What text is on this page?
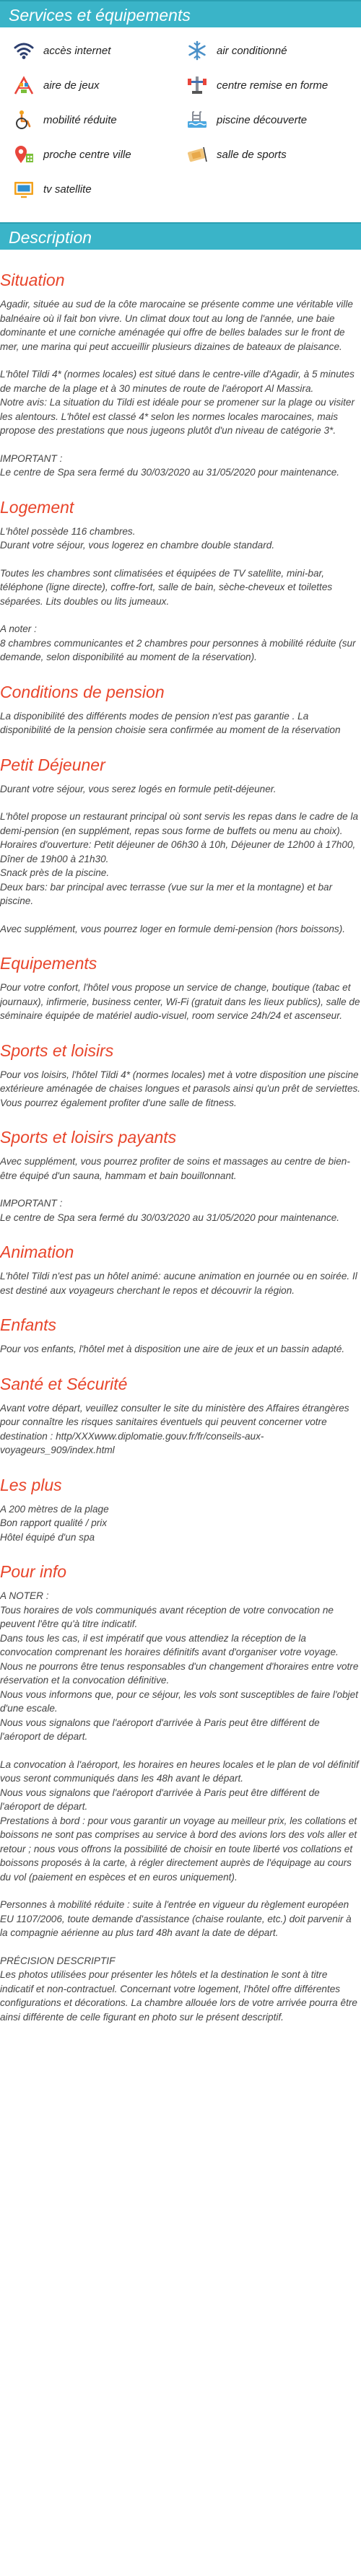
Services et équipements
accès internet	air conditionné
aire de jeux	centre remise en forme
mobilité réduite	piscine découverte
proche centre ville	salle de sports
tv satellite
Description
Situation

Agadir, située au sud de la côte marocaine se présente comme une véritable ville balnéaire où il fait bon vivre. Un climat doux tout au long de l'année, une baie dominante et une corniche aménagée qui offre de belles balades sur le front de mer, une marina qui peut accueillir plusieurs dizaines de bateaux de plaisance.

L'hôtel Tildi 4* (normes locales) est situé dans le centre-ville d'Agadir, à 5 minutes de marche de la plage et à 30 minutes de route de l'aéroport Al Massira.
Notre avis: La situation du Tildi est idéale pour se promener sur la plage ou visiter les alentours. L'hôtel est classé 4* selon les normes locales marocaines, mais propose des prestations que nous jugeons plutôt d'un niveau de catégorie 3*.

IMPORTANT :
Le centre de Spa sera fermé du 30/03/2020 au 31/05/2020 pour maintenance.

Logement

L'hôtel possède 116 chambres.
Durant votre séjour, vous logerez en chambre double standard.

Toutes les chambres sont climatisées et équipées de TV satellite, mini-bar, téléphone (ligne directe), coffre-fort, salle de bain, sèche-cheveux et toilettes séparées. Lits doubles ou lits jumeaux.

A noter :
8 chambres communicantes et 2 chambres pour personnes à mobilité réduite (sur demande, selon disponibilité au moment de la réservation).

Conditions de pension

La disponibilité des différents modes de pension n'est pas garantie . La disponibilité de la pension choisie sera confirmée au moment de la réservation

Petit Déjeuner

Durant votre séjour, vous serez logés en formule petit-déjeuner.

L'hôtel propose un restaurant principal où sont servis les repas dans le cadre de la demi-pension (en supplément, repas sous forme de buffets ou menu au choix).
Horaires d'ouverture: Petit déjeuner de 06h30 à 10h, Déjeuner de 12h00 à 17h00, Dîner de 19h00 à 21h30.
Snack près de la piscine.
Deux bars: bar principal avec terrasse (vue sur la mer et la montagne) et bar piscine.

Avec supplément, vous pourrez loger en formule demi-pension (hors boissons).

Equipements

Pour votre confort, l'hôtel vous propose un service de change, boutique (tabac et journaux), infirmerie, business center, Wi-Fi (gratuit dans les lieux publics), salle de séminaire équipée de matériel audio-visuel, room service 24h/24 et ascenseur.

Sports et loisirs

Pour vos loisirs, l'hôtel Tildi 4* (normes locales) met à votre disposition une piscine extérieure aménagée de chaises longues et parasols ainsi qu'un prêt de serviettes. Vous pourrez également profiter d'une salle de fitness.

Sports et loisirs payants

Avec supplément, vous pourrez profiter de soins et massages au centre de bien-être équipé d'un sauna, hammam et bain bouillonnant.

IMPORTANT :
Le centre de Spa sera fermé du 30/03/2020 au 31/05/2020 pour maintenance.

Animation

L'hôtel Tildi n'est pas un hôtel animé: aucune animation en journée ou en soirée. Il est destiné aux voyageurs cherchant le repos et découvrir la région.

Enfants

Pour vos enfants, l'hôtel met à disposition une aire de jeux et un bassin adapté.

Santé et Sécurité

Avant votre départ, veuillez consulter le site du ministère des Affaires étrangères pour connaître les risques sanitaires éventuels qui peuvent concerner votre destination : http/XXXwww.diplomatie.gouv.fr/fr/conseils-aux-voyageurs_909/index.html

Les plus

A 200 mètres de la plage
Bon rapport qualité / prix
Hôtel équipé d'un spa

Pour info

A NOTER :
Tous horaires de vols communiqués avant réception de votre convocation ne peuvent l'être qu'à titre indicatif.
Dans tous les cas, il est impératif que vous attendiez la réception de la convocation comprenant les horaires définitifs avant d'organiser votre voyage. Nous ne pourrons être tenus responsables d'un changement d'horaires entre votre réservation et la convocation définitive.
Nous vous informons que, pour ce séjour, les vols sont susceptibles de faire l'objet d'une escale.
Nous vous signalons que l'aéroport d'arrivée à Paris peut être différent de l'aéroport de départ.

La convocation à l'aéroport, les horaires en heures locales et le plan de vol définitif vous seront communiqués dans les 48h avant le départ.
Nous vous signalons que l'aéroport d'arrivée à Paris peut être différent de l'aéroport de départ.
Prestations à bord : pour vous garantir un voyage au meilleur prix, les collations et boissons ne sont pas comprises au service à bord des avions lors des vols aller et retour ; nous vous offrons la possibilité de choisir en toute liberté vos collations et boissons proposés à la carte, à régler directement auprès de l'équipage au cours du vol (paiement en espèces et en euros uniquement).

Personnes à mobilité réduite : suite à l'entrée en vigueur du règlement européen EU 1107/2006, toute demande d'assistance (chaise roulante, etc.) doit parvenir à la compagnie aérienne au plus tard 48h avant la date de départ.

PRÉCISION DESCRIPTIF
Les photos utilisées pour présenter les hôtels et la destination le sont à titre indicatif et non-contractuel. Concernant votre logement, l'hôtel offre différentes configurations et décorations. La chambre allouée lors de votre arrivée pourra être ainsi différente de celle figurant en photo sur le présent descriptif.
